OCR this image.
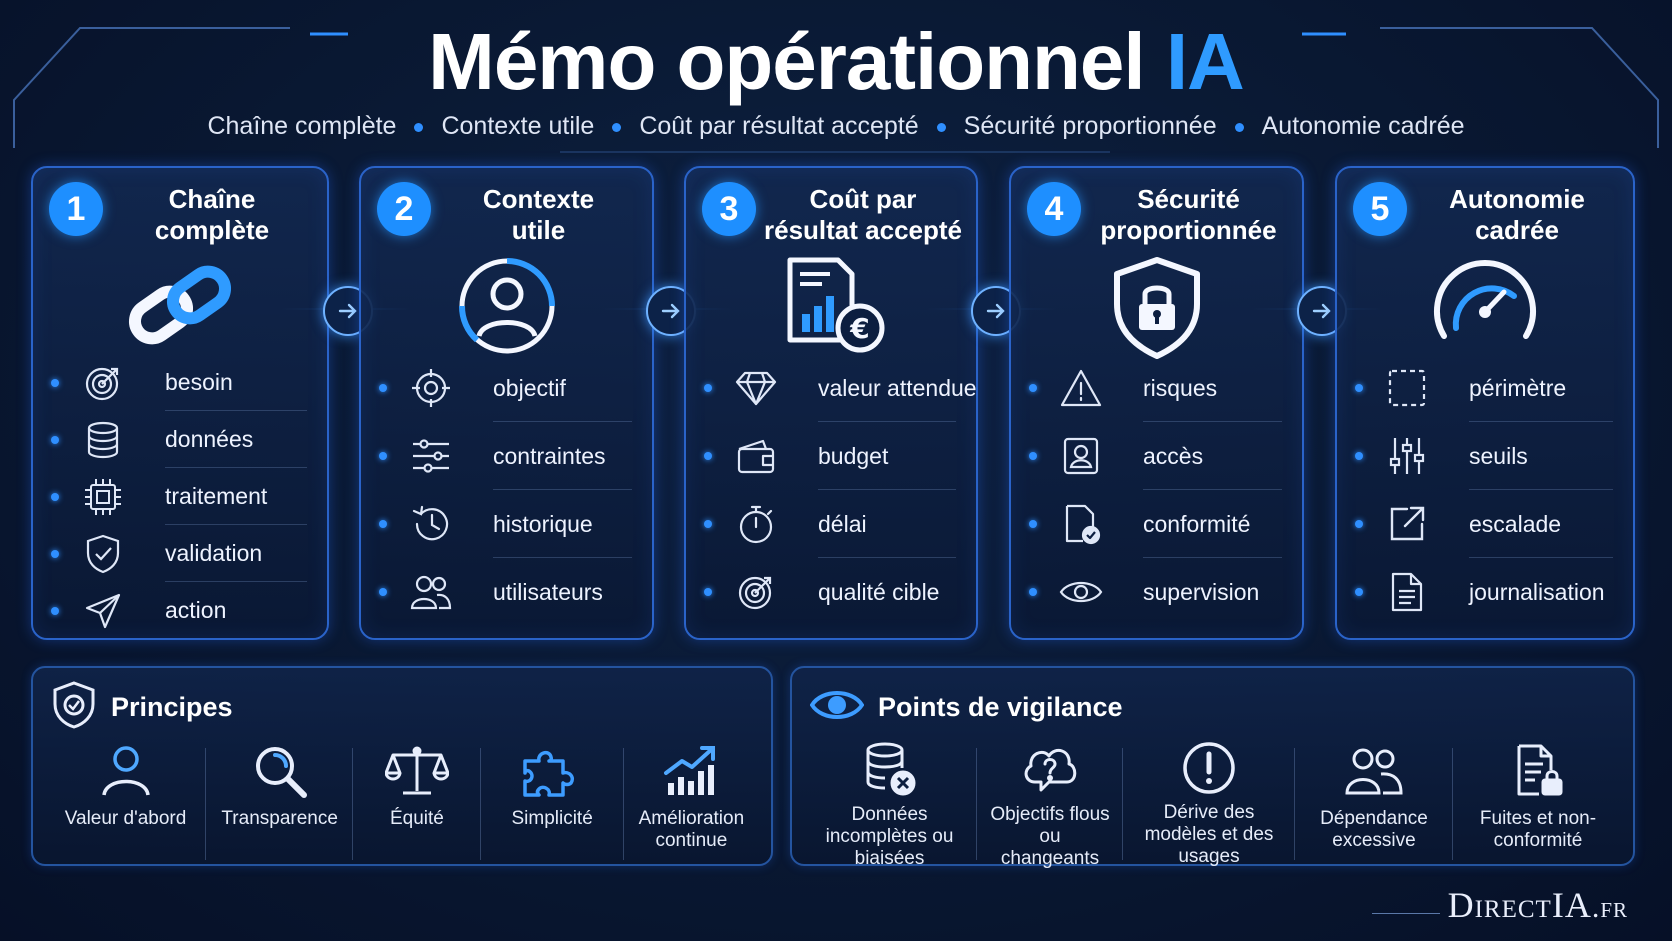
Mémo opérationnel IA
Chaîne complète Contexte utile Coût par résultat accepté Sécurité proportionnée Autonomie cadrée
1	Chaîne
complète
besoin
données
traitement
validation
action
2	Contexte
utile
objectif
contraintes
historique
utilisateurs
3	Coût par
résultat accepté
€
valeur attendue
budget
délai
qualité cible
4	Sécurité
proportionnée
risques
accès
conformité
supervision
5	Autonomie
cadrée
périmètre
seuils
escalade
journalisation
Principes
Valeur d'abord Transparence	Équité	Simplicité	Amélioration continue
Points de vigilance
Données incomplètes ou biaisées
Objectifs flous ou changeants
Dérive des modèles et des usages
Dépendance excessive
Fuites et non-conformité
DirectIA.fr
